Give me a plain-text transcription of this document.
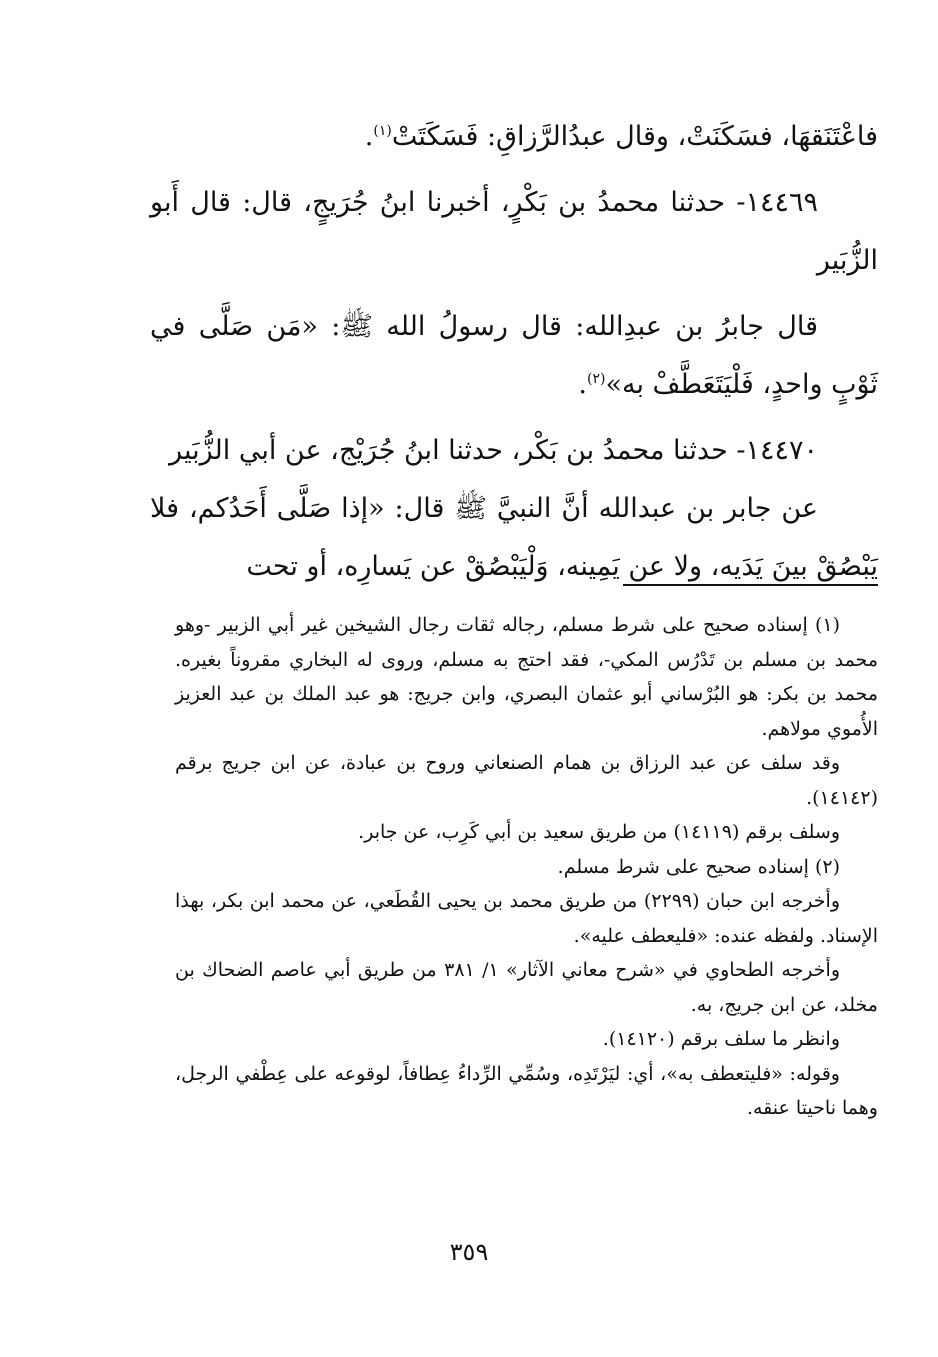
فاعْتَنَقهَا، فسَكَنَتْ، وقال عبدُالرَّزاقِ: فَسَكَتَتْ$^{(١)}$.

١٤٤٦٩- حدثنا محمدُ بن بَكْرٍ، أخبرنا ابنُ جُرَيجٍ، قال: قال أَبو الزُّبَير

قال جابرُ بن عبدِالله: قال رسولُ الله ﷺ: «مَن صَلَّى في ثَوْبٍ واحدٍ، فَلْيَتَعَطَّفْ به»$^{(٢)}$.

١٤٤٧٠- حدثنا محمدُ بن بَكْر، حدثنا ابنُ جُرَيْج، عن أبي الزُّبَير

عن جابر بن عبدالله أنَّ النبيَّ ﷺ قال: «إذا صَلَّى أَحَدُكم، فلا يَبْصُقْ بينَ يَدَيه، ولا عن يَمِينه، وَلْيَبْصُقْ عن يَسارِه، أو تحت

(١) إسناده صحيح على شرط مسلم، رجاله ثقات رجال الشيخين غير أبي الزبير -وهو محمد بن مسلم بن تَدْرُس المكي-، فقد احتج به مسلم، وروى له البخاري مقروناً بغيره. محمد بن بكر: هو البُرْساني أبو عثمان البصري، وابن جريج: هو عبد الملك بن عبد العزيز الأُموي مولاهم.

وقد سلف عن عبد الرزاق بن همام الصنعاني وروح بن عبادة، عن ابن جريج برقم (١٤١٤٢).

وسلف برقم (١٤١١٩) من طريق سعيد بن أبي كَرِب، عن جابر.

(٢) إسناده صحيح على شرط مسلم.

وأخرجه ابن حبان (٢٢٩٩) من طريق محمد بن يحيى القُطَعي، عن محمد ابن بكر، بهذا الإسناد. ولفظه عنده: «فليعطف عليه».

وأخرجه الطحاوي في «شرح معاني الآثار» ١/ ٣٨١ من طريق أبي عاصم الضحاك بن مخلد، عن ابن جريج، به.

وانظر ما سلف برقم (١٤١٢٠).

وقوله: «فليتعطف به»، أي: ليَرْتَدِه، وسُمِّي الرِّداءُ عِطافاً، لوقوعه على عِطْفي الرجل، وهما ناحيتا عنقه.

٣٥٩
